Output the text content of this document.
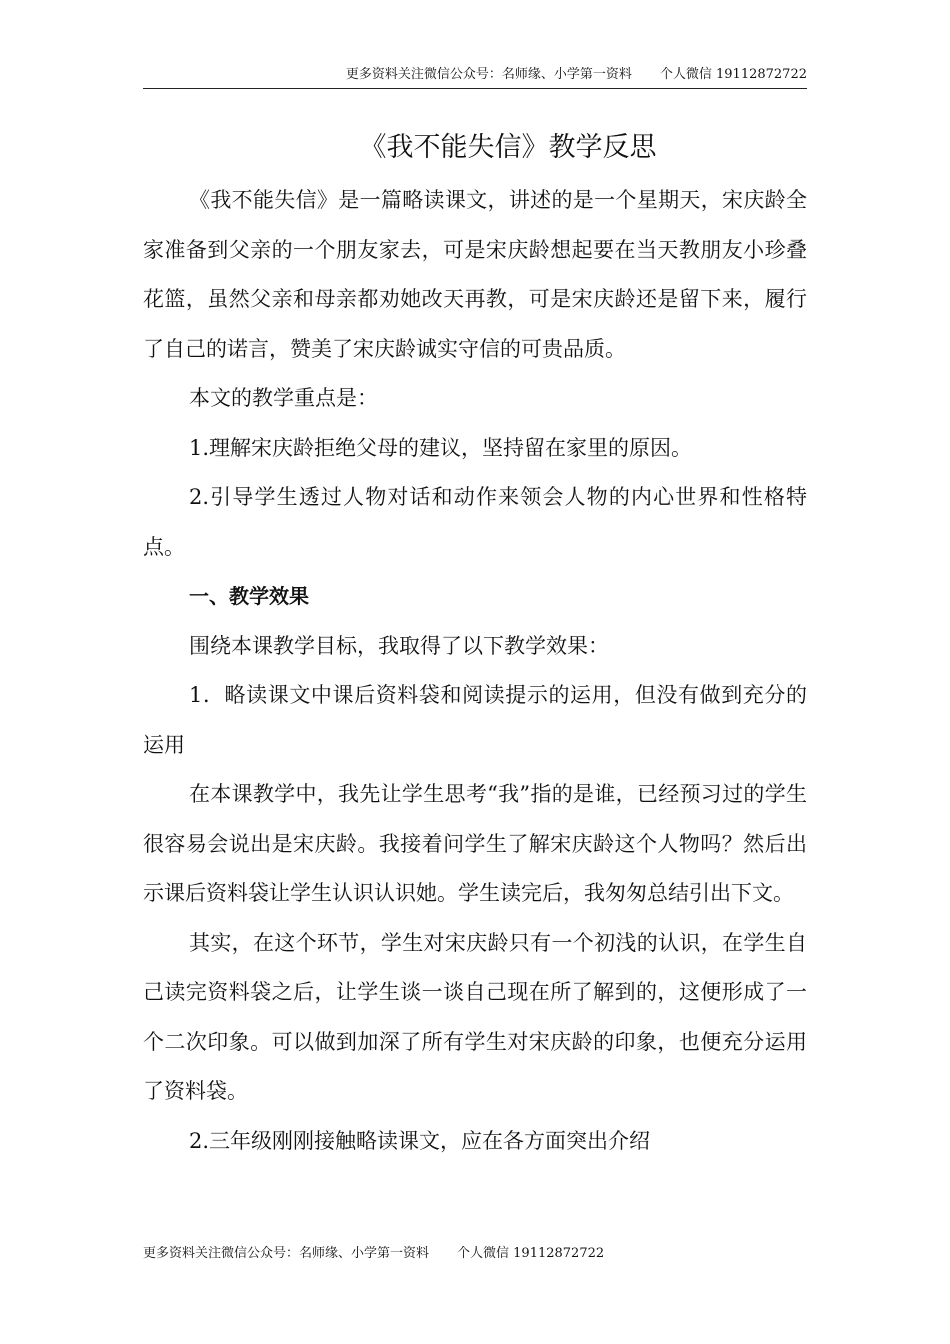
更多资料关注微信公众号：名师缘、小学第一资料 个人微信 19112872722
《我不能失信》教学反思

《我不能失信》是一篇略读课文，讲述的是一个星期天，宋庆龄全家准备到父亲的一个朋友家去，可是宋庆龄想起要在当天教朋友小珍叠花篮，虽然父亲和母亲都劝她改天再教，可是宋庆龄还是留下来，履行了自己的诺言，赞美了宋庆龄诚实守信的可贵品质。

本文的教学重点是：

1.理解宋庆龄拒绝父母的建议，坚持留在家里的原因。

2.引导学生透过人物对话和动作来领会人物的内心世界和性格特点。

一、教学效果

围绕本课教学目标，我取得了以下教学效果：

1．略读课文中课后资料袋和阅读提示的运用，但没有做到充分的运用

在本课教学中，我先让学生思考“我”指的是谁，已经预习过的学生很容易会说出是宋庆龄。我接着问学生了解宋庆龄这个人物吗？然后出示课后资料袋让学生认识认识她。学生读完后，我匆匆总结引出下文。

其实，在这个环节，学生对宋庆龄只有一个初浅的认识，在学生自己读完资料袋之后，让学生谈一谈自己现在所了解到的，这便形成了一个二次印象。可以做到加深了所有学生对宋庆龄的印象，也便充分运用了资料袋。

2.三年级刚刚接触略读课文，应在各方面突出介绍

更多资料关注微信公众号：名师缘、小学第一资料 个人微信 19112872722
